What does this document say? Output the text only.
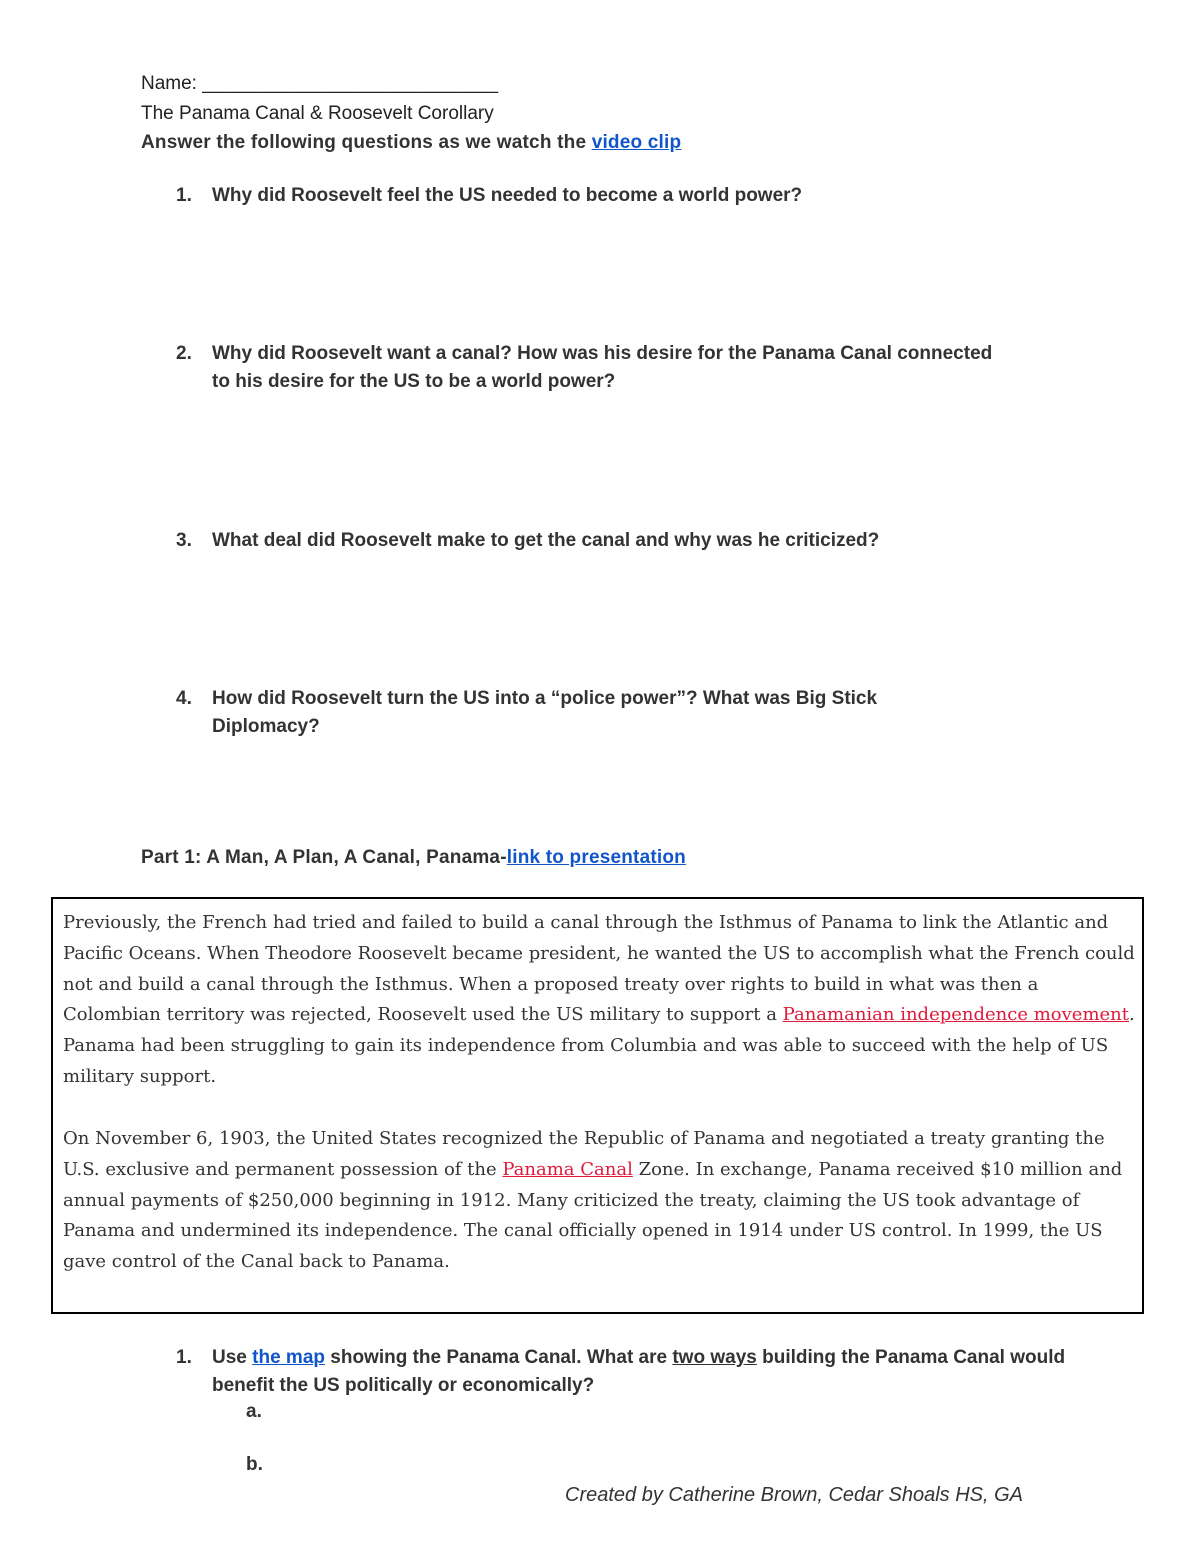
Name: ____________________________
The Panama Canal & Roosevelt Corollary
Answer the following questions as we watch the video clip
1. Why did Roosevelt feel the US needed to become a world power?
2. Why did Roosevelt want a canal? How was his desire for the Panama Canal connected to his desire for the US to be a world power?
3. What deal did Roosevelt make to get the canal and why was he criticized?
4. How did Roosevelt turn the US into a “police power”? What was Big Stick Diplomacy?
Part 1: A Man, A Plan, A Canal, Panama-link to presentation
Previously, the French had tried and failed to build a canal through the Isthmus of Panama to link the Atlantic and Pacific Oceans. When Theodore Roosevelt became president, he wanted the US to accomplish what the French could not and build a canal through the Isthmus. When a proposed treaty over rights to build in what was then a Colombian territory was rejected, Roosevelt used the US military to support a Panamanian independence movement. Panama had been struggling to gain its independence from Columbia and was able to succeed with the help of US military support.
On November 6, 1903, the United States recognized the Republic of Panama and negotiated a treaty granting the U.S. exclusive and permanent possession of the Panama Canal Zone. In exchange, Panama received $10 million and annual payments of $250,000 beginning in 1912. Many criticized the treaty, claiming the US took advantage of Panama and undermined its independence. The canal officially opened in 1914 under US control. In 1999, the US gave control of the Canal back to Panama.
1. Use the map showing the Panama Canal. What are two ways building the Panama Canal would benefit the US politically or economically?
a.
b.
Created by Catherine Brown, Cedar Shoals HS, GA
